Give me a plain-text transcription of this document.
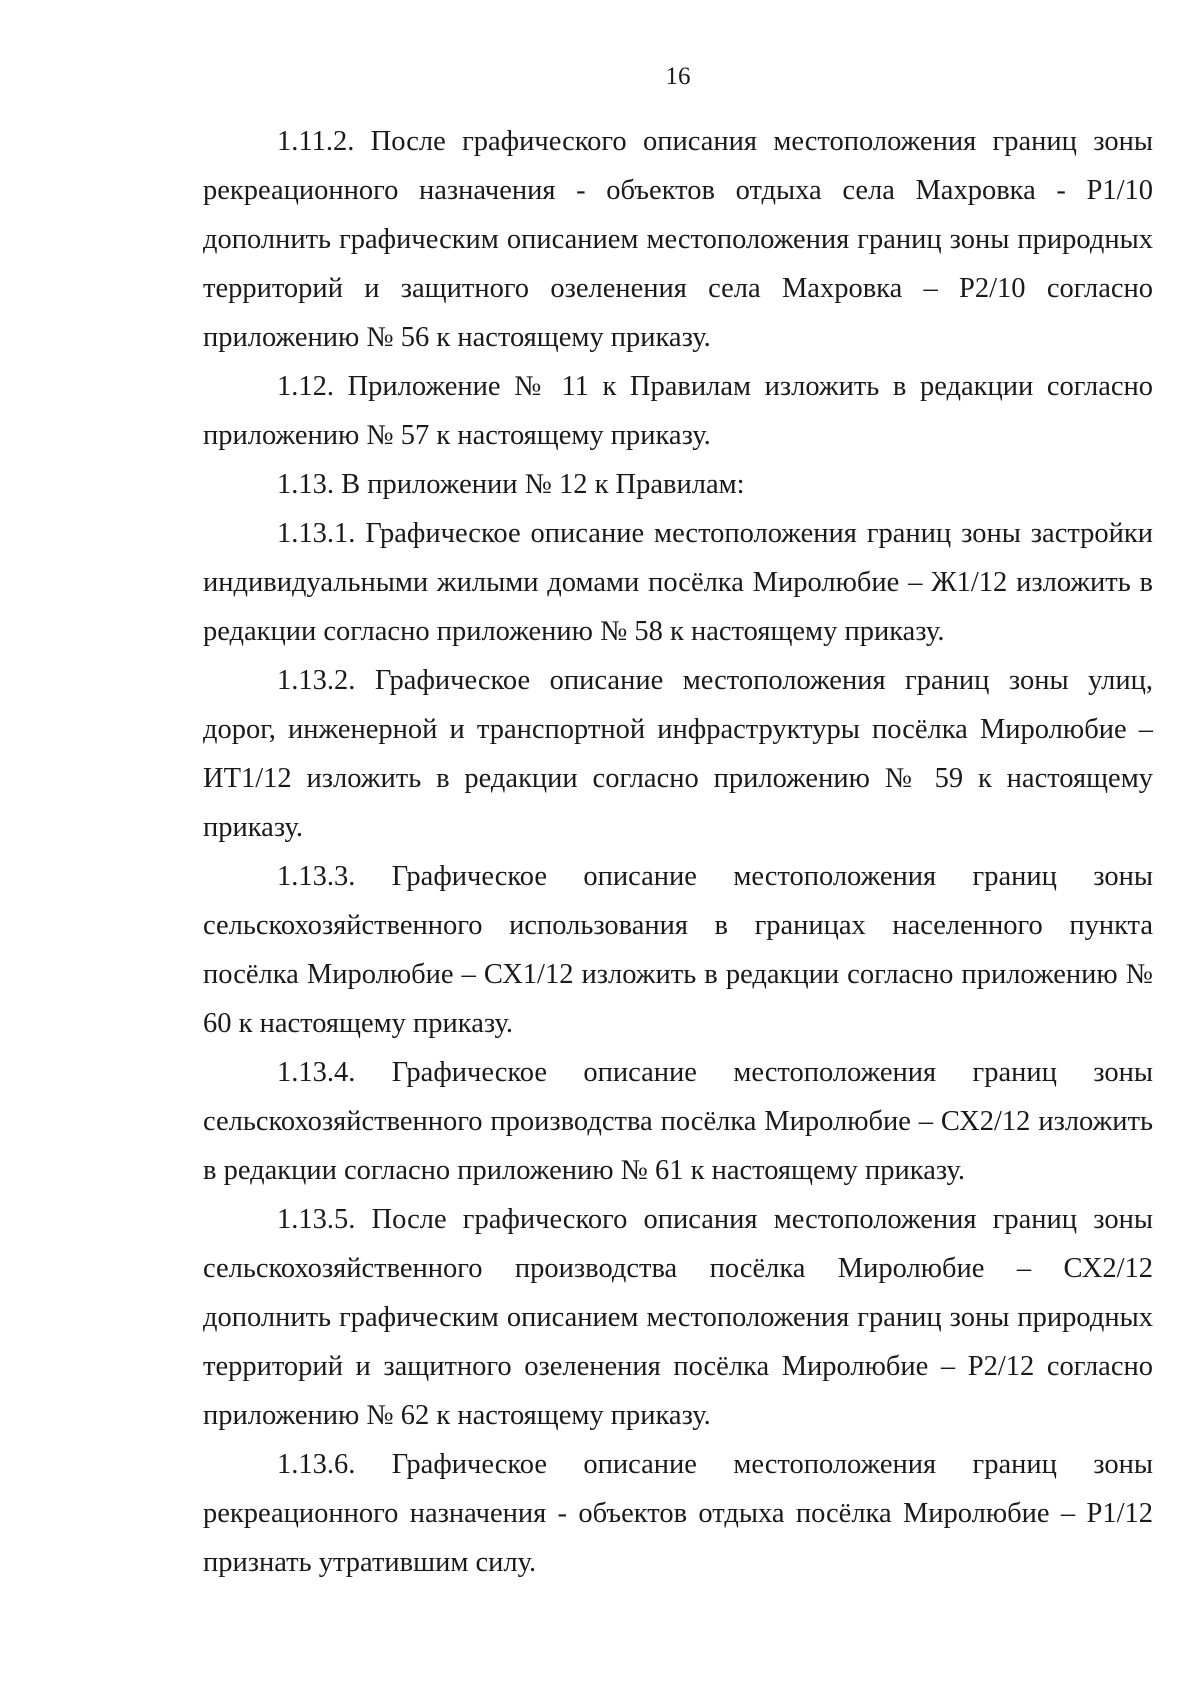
16

1.11.2. После графического описания местоположения границ зоны рекреационного назначения - объектов отдыха села Махровка - Р1/10 дополнить графическим описанием местоположения границ зоны природных территорий и защитного озеленения села Махровка – Р2/10 согласно приложению № 56 к настоящему приказу.

1.12. Приложение № 11 к Правилам изложить в редакции согласно приложению № 57 к настоящему приказу.

1.13. В приложении № 12 к Правилам:

1.13.1. Графическое описание местоположения границ зоны застройки индивидуальными жилыми домами посёлка Миролюбие – Ж1/12 изложить в редакции согласно приложению № 58 к настоящему приказу.

1.13.2. Графическое описание местоположения границ зоны улиц, дорог, инженерной и транспортной инфраструктуры посёлка Миролюбие – ИТ1/12 изложить в редакции согласно приложению № 59 к настоящему приказу.

1.13.3. Графическое описание местоположения границ зоны сельскохозяйственного использования в границах населенного пункта посёлка Миролюбие – СХ1/12 изложить в редакции согласно приложению № 60 к настоящему приказу.

1.13.4. Графическое описание местоположения границ зоны сельскохозяйственного производства посёлка Миролюбие – СХ2/12 изложить в редакции согласно приложению № 61 к настоящему приказу.

1.13.5. После графического описания местоположения границ зоны сельскохозяйственного производства посёлка Миролюбие – СХ2/12 дополнить графическим описанием местоположения границ зоны природных территорий и защитного озеленения посёлка Миролюбие – Р2/12 согласно приложению № 62 к настоящему приказу.

1.13.6. Графическое описание местоположения границ зоны рекреационного назначения - объектов отдыха посёлка Миролюбие – Р1/12 признать утратившим силу.
